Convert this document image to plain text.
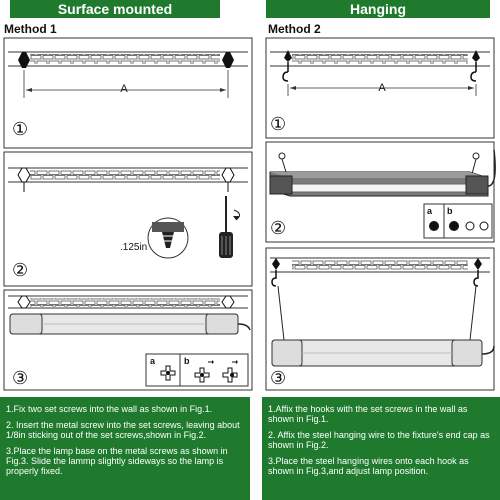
Surface mounted
Method 1
Hanging
Method 2
A
①
.125in
②
a	b
③
A
①
a b
②
③

1.Fix two set screws into the wall as shown in Fig.1.

2. Insert the metal screw into the set screws, leaving about 1/8in sticking out of the set screws,shown in Fig.2.

3.Place the lamp base on the metal screws as shown in Fig.3. Slide the lammp slightly sideways so the lamp is properly fixed.

1.Affix the hooks with the set screws in the wall as shown in Fig.1.

2. Affix the steel hanging wire to the fixture's end cap as shown in Fig.2.

3.Place the steel hanging wires onto each hook as shown in Fig.3,and adjust lamp position.
